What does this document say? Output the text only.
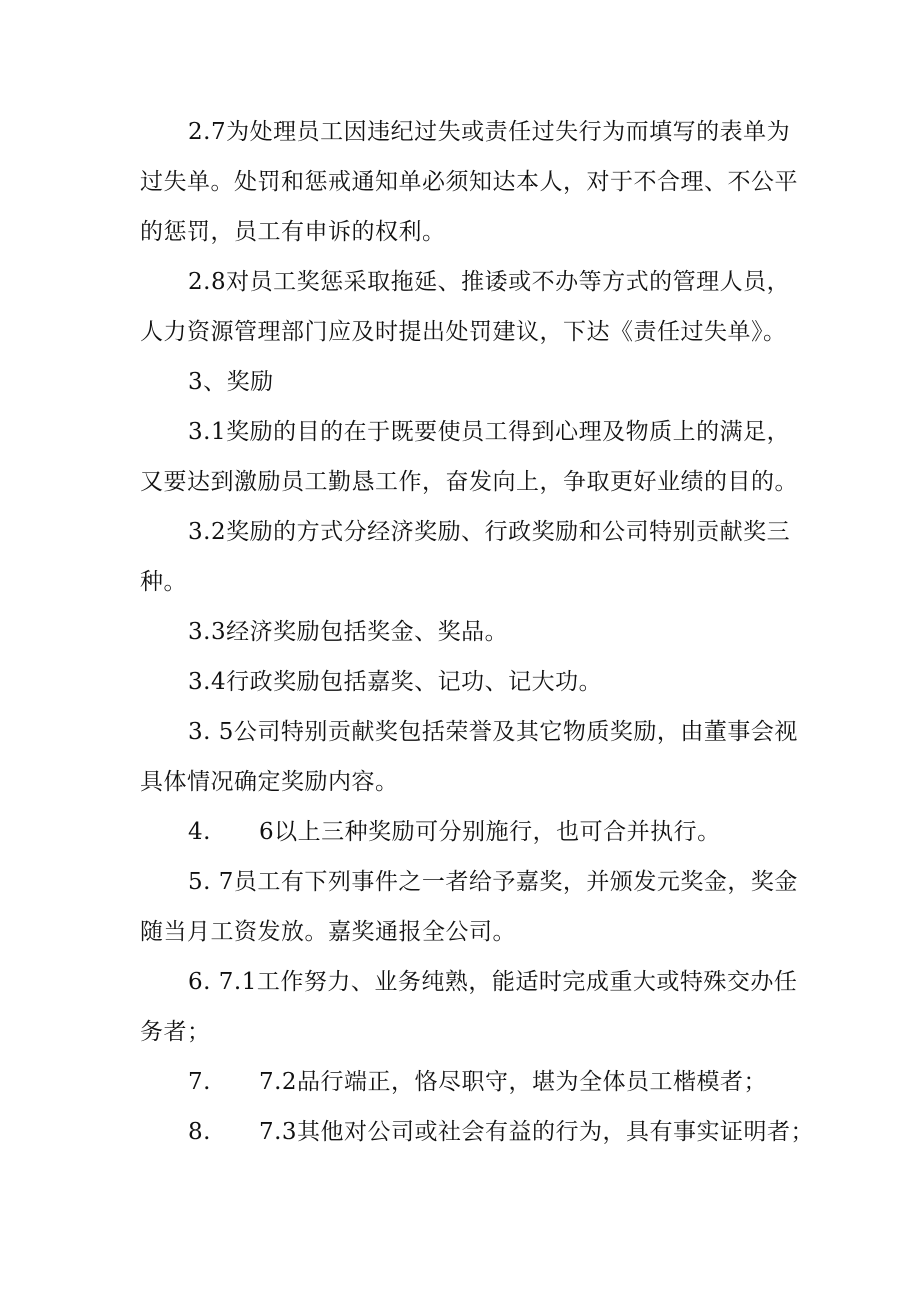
2.7为处理员工因违纪过失或责任过失行为而填写的表单为
过失单。处罚和惩戒通知单必须知达本人，对于不合理、不公平
的惩罚，员工有申诉的权利。
2.8对员工奖惩采取拖延、推诿或不办等方式的管理人员，
人力资源管理部门应及时提出处罚建议，下达《责任过失单》。
3、奖励
3.1奖励的目的在于既要使员工得到心理及物质上的满足，
又要达到激励员工勤恳工作，奋发向上，争取更好业绩的目的。
3.2奖励的方式分经济奖励、行政奖励和公司特别贡献奖三
种。
3.3经济奖励包括奖金、奖品。
3.4行政奖励包括嘉奖、记功、记大功。
3. 5公司特别贡献奖包括荣誉及其它物质奖励，由董事会视
具体情况确定奖励内容。
4. 6以上三种奖励可分别施行，也可合并执行。
5. 7员工有下列事件之一者给予嘉奖，并颁发元奖金，奖金
随当月工资发放。嘉奖通报全公司。
6. 7.1工作努力、业务纯熟，能适时完成重大或特殊交办任
务者；
7. 7.2品行端正，恪尽职守，堪为全体员工楷模者；
8. 7.3其他对公司或社会有益的行为，具有事实证明者；
